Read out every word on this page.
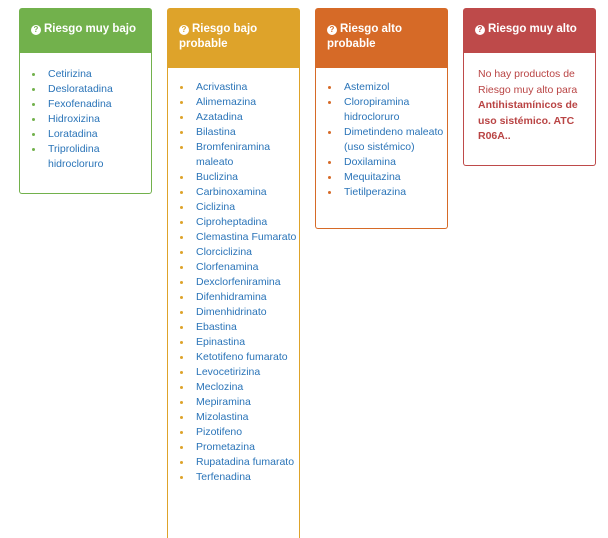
? Riesgo muy bajo
Cetirizina
Desloratadina
Fexofenadina
Hidroxizina
Loratadina
Triprolidina hidrocloruro
? Riesgo bajo probable
Acrivastina
Alimemazina
Azatadina
Bilastina
Bromfeniramina maleato
Buclizina
Carbinoxamina
Ciclizina
Ciproheptadina
Clemastina Fumarato
Clorciclizina
Clorfenamina
Dexclorfeniramina
Difenhidramina
Dimenhidrinato
Ebastina
Epinastina
Ketotifeno fumarato
Levocetirizina
Meclozina
Mepiramina
Mizolastina
Pizotifeno
Prometazina
Rupatadina fumarato
Terfenadina
? Riesgo alto probable
Astemizol
Cloropiramina hidrocloruro
Dimetindeno maleato (uso sistémico)
Doxilamina
Mequitazina
Tietilperazina
? Riesgo muy alto

No hay productos de Riesgo muy alto para Antihistamínicos de uso sistémico. ATC R06A..
